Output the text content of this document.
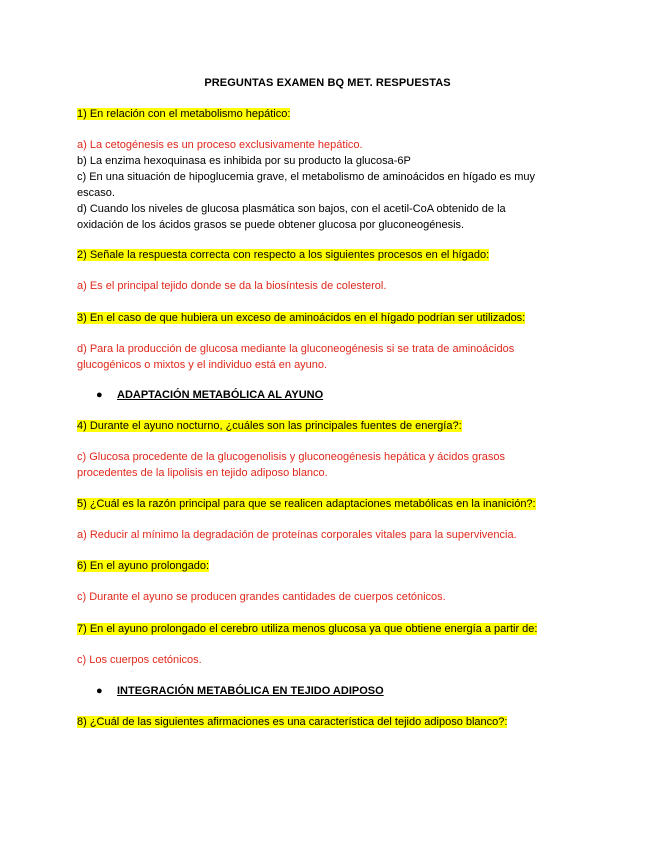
PREGUNTAS EXAMEN BQ MET. RESPUESTAS
1) En relación con el metabolismo hepático:
a) La cetogénesis es un proceso exclusivamente hepático.
b) La enzima hexoquinasa es inhibida por su producto la glucosa-6P
c) En una situación de hipoglucemia grave, el metabolismo de aminoácidos en hígado es muy
escaso.
d) Cuando los niveles de glucosa plasmática son bajos, con el acetil-CoA obtenido de la
oxidación de los ácidos grasos se puede obtener glucosa por gluconeogénesis.
2) Señale la respuesta correcta con respecto a los siguientes procesos en el hígado:
a) Es el principal tejido donde se da la biosíntesis de colesterol.
3) En el caso de que hubiera un exceso de aminoácidos en el hígado podrían ser utilizados:
d) Para la producción de glucosa mediante la gluconeogénesis si se trata de aminoácidos
glucogénicos o mixtos y el individuo está en ayuno.
● ADAPTACIÓN METABÓLICA AL AYUNO
4) Durante el ayuno nocturno, ¿cuáles son las principales fuentes de energía?:
c) Glucosa procedente de la glucogenolisis y gluconeogénesis hepática y ácidos grasos
procedentes de la lipolisis en tejido adiposo blanco.
5) ¿Cuál es la razón principal para que se realicen adaptaciones metabólicas en la inanición?:
a) Reducir al mínimo la degradación de proteínas corporales vitales para la supervivencia.
6) En el ayuno prolongado:
c) Durante el ayuno se producen grandes cantidades de cuerpos cetónicos.
7) En el ayuno prolongado el cerebro utiliza menos glucosa ya que obtiene energía a partir de:
c) Los cuerpos cetónicos.
● INTEGRACIÓN METABÓLICA EN TEJIDO ADIPOSO
8) ¿Cuál de las siguientes afirmaciones es una característica del tejido adiposo blanco?:
